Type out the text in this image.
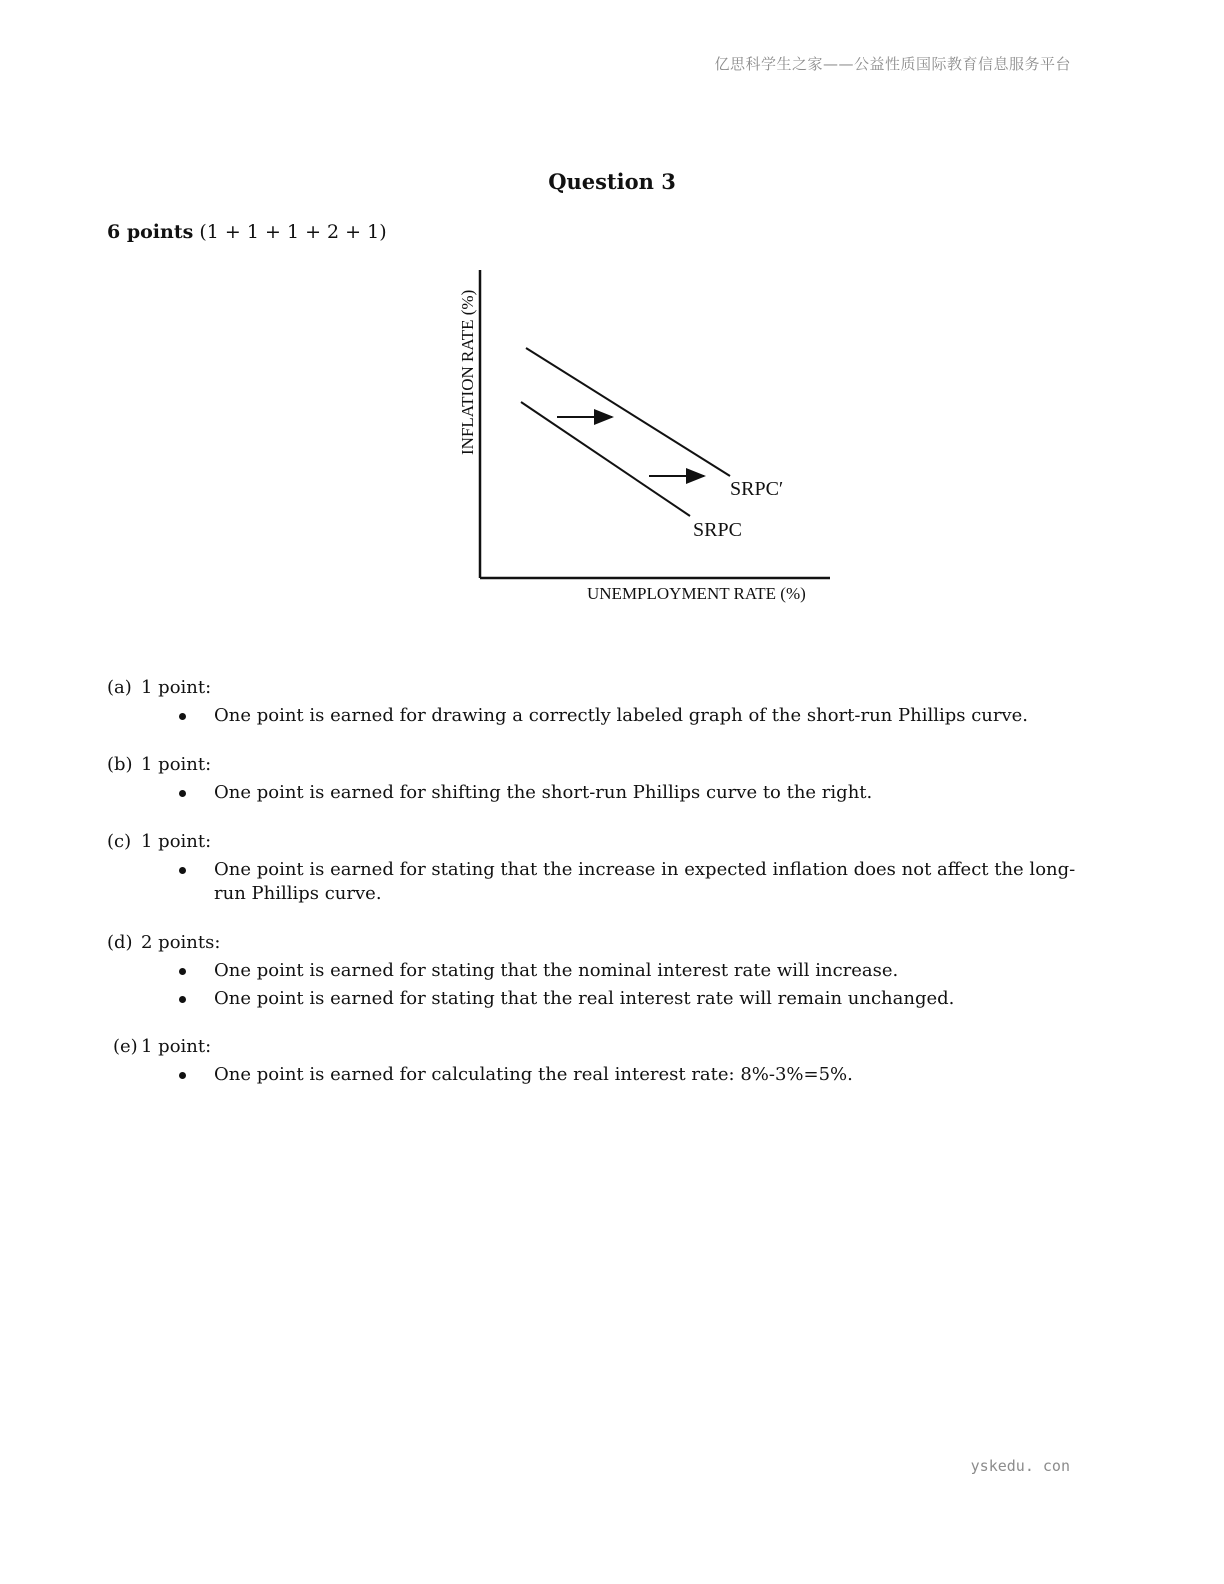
亿思科学生之家——公益性质国际教育信息服务平台
Question 3
6 points (1 + 1 + 1 + 2 + 1)
SRPC′
SRPC
UNEMPLOYMENT RATE (%)
INFLATION RATE (%)
(a) 1 point:
One point is earned for drawing a correctly labeled graph of the short-run Phillips curve.
(b) 1 point:
One point is earned for shifting the short-run Phillips curve to the right.
(c) 1 point:
One point is earned for stating that the increase in expected inflation does not affect the long-run Phillips curve.
(d) 2 points:
One point is earned for stating that the nominal interest rate will increase.
One point is earned for stating that the real interest rate will remain unchanged.
(e) 1 point:
One point is earned for calculating the real interest rate: 8%-3%=5%.
yskedu. con
